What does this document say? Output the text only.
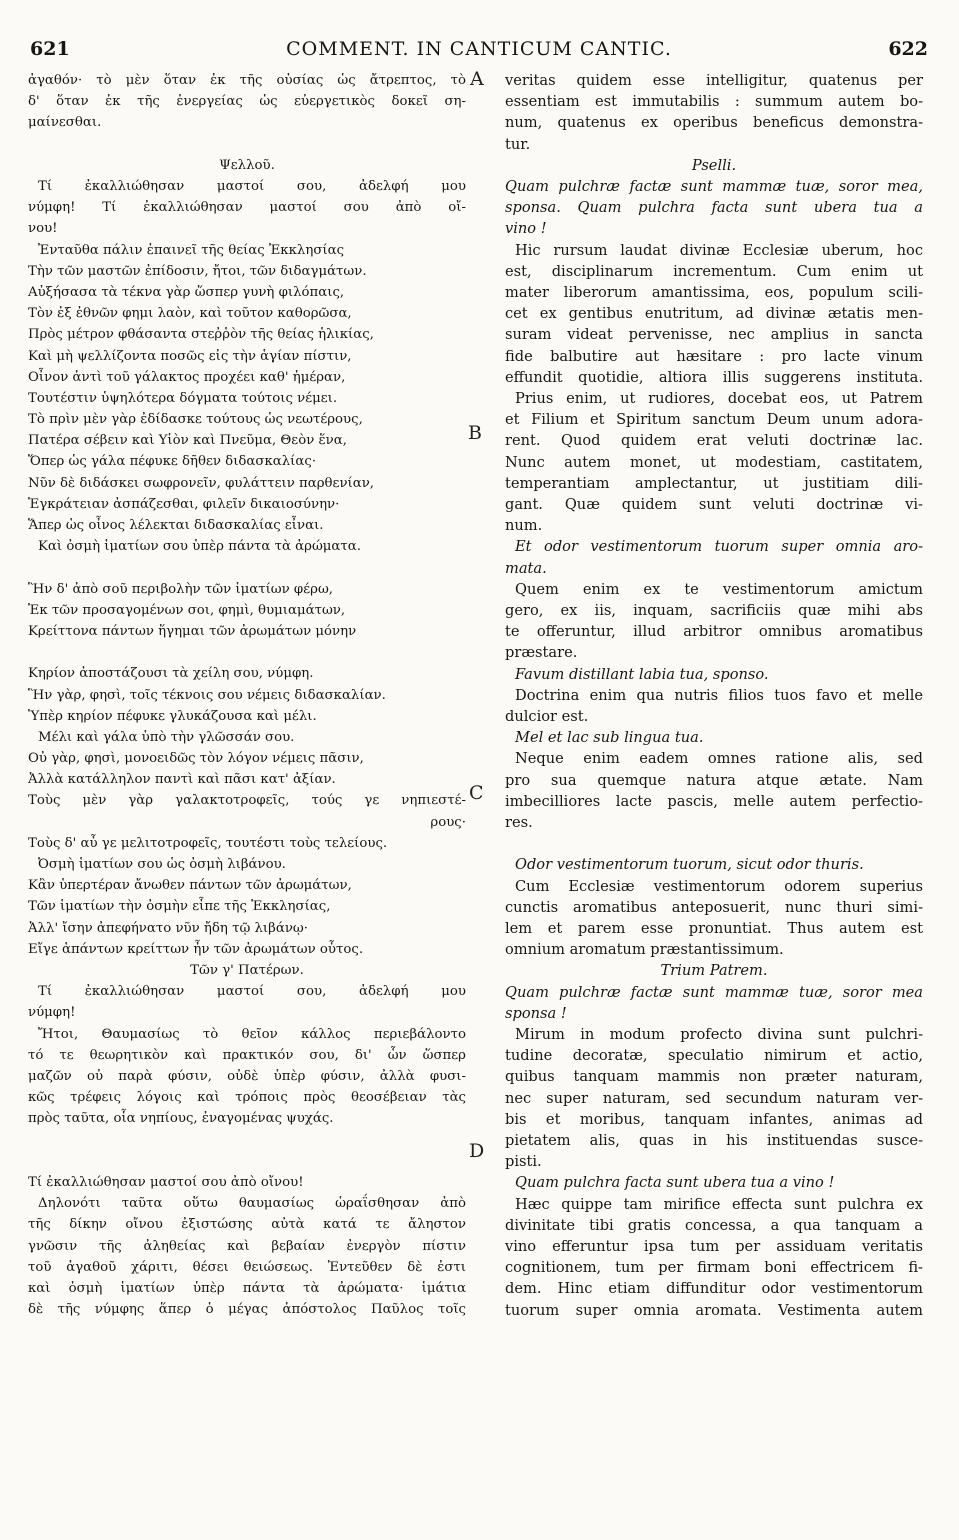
621	COMMENT. IN CANTICUM CANTIC.	622
ἀγαθόν· τὸ μὲν ὅταν ἐκ τῆς οὐσίας ὡς ἄτρεπτος, τὸ
δ' ὅταν ἐκ τῆς ἐνεργείας ὡς εὐεργετικὸς δοκεῖ ση-
μαίνεσθαι.
Ψελλοῦ.
Τί ἐκαλλιώθησαν μαστοί σου, ἀδελφή μου
νύμφη! Τί ἐκαλλιώθησαν μαστοί σου ἀπὸ οἴ-
νου!
Ἐνταῦθα πάλιν ἐπαινεῖ τῆς θείας Ἐκκλησίας
Τὴν τῶν μαστῶν ἐπίδοσιν, ἤτοι, τῶν διδαγμάτων.
Αὐξήσασα τὰ τέκνα γὰρ ὥσπερ γυνὴ φιλόπαις,
Τὸν ἐξ ἐθνῶν φημι λαὸν, καὶ τοῦτον καθορῶσα,
Πρὸς μέτρον φθάσαντα στεῤῥὸν τῆς θείας ἡλικίας,
Καὶ μὴ ψελλίζοντα ποσῶς εἰς τὴν ἁγίαν πίστιν,
Οἶνον ἀντὶ τοῦ γάλακτος προχέει καθ' ἡμέραν,
Τουτέστιν ὑψηλότερα δόγματα τούτοις νέμει.
Τὸ πρὶν μὲν γὰρ ἐδίδασκε τούτους ὡς νεωτέρους,
Πατέρα σέβειν καὶ Υἱὸν καὶ Πνεῦμα, Θεὸν ἕνα,
Ὅπερ ὡς γάλα πέφυκε δῆθεν διδασκαλίας·
Νῦν δὲ διδάσκει σωφρονεῖν, φυλάττειν παρθενίαν,
Ἐγκράτειαν ἀσπάζεσθαι, φιλεῖν δικαιοσύνην·
Ἅπερ ὡς οἶνος λέλεκται διδασκαλίας εἶναι.
Καὶ ὀσμὴ ἱματίων σου ὑπὲρ πάντα τὰ ἀρώματα.
Ἣν δ' ἀπὸ σοῦ περιβολὴν τῶν ἱματίων φέρω,
Ἐκ τῶν προσαγομένων σοι, φημὶ, θυμιαμάτων,
Κρείττονα πάντων ἥγημαι τῶν ἀρωμάτων μόνην
Κηρίον ἀποστάζουσι τὰ χείλη σου, νύμφη.
Ἣν γὰρ, φησὶ, τοῖς τέκνοις σου νέμεις διδασκαλίαν.
Ὑπὲρ κηρίον πέφυκε γλυκάζουσα καὶ μέλι.
Μέλι καὶ γάλα ὑπὸ τὴν γλῶσσάν σου.
Οὐ γὰρ, φησὶ, μονοειδῶς τὸν λόγον νέμεις πᾶσιν,
Ἀλλὰ κατάλληλον παντὶ καὶ πᾶσι κατ' ἀξίαν.
Τοὺς μὲν γὰρ γαλακτοτροφεῖς, τούς γε νηπιεστέ-
ρους·
Τοὺς δ' αὖ γε μελιτοτροφεῖς, τουτέστι τοὺς τελείους.
Ὀσμὴ ἱματίων σου ὡς ὀσμὴ λιβάνου.
Κἂν ὑπερτέραν ἄνωθεν πάντων τῶν ἀρωμάτων,
Τῶν ἱματίων τὴν ὀσμὴν εἶπε τῆς Ἐκκλησίας,
Ἀλλ' ἴσην ἀπεφήνατο νῦν ἤδη τῷ λιβάνῳ·
Εἴγε ἁπάντων κρείττων ἦν τῶν ἀρωμάτων οὗτος.
Τῶν γ' Πατέρων.
Τί ἐκαλλιώθησαν μαστοί σου, ἀδελφή μου
νύμφη!
Ἤτοι, Θαυμασίως τὸ θεῖον κάλλος περιεβάλοντο
τό τε θεωρητικὸν καὶ πρακτικόν σου, δι' ὧν ὥσπερ
μαζῶν οὐ παρὰ φύσιν, οὐδὲ ὑπὲρ φύσιν, ἀλλὰ φυσι-
κῶς τρέφεις λόγοις καὶ τρόποις πρὸς θεοσέβειαν τὰς
πρὸς ταῦτα, οἷα νηπίους, ἐναγομένας ψυχάς.
Τί ἐκαλλιώθησαν μαστοί σου ἀπὸ οἴνου!
Δηλονότι ταῦτα οὕτω θαυμασίως ὡραΐσθησαν ἀπὸ
τῆς δίκην οἴνου ἐξιστώσης αὐτὰ κατά τε ἄληστον
γνῶσιν τῆς ἀληθείας καὶ βεβαίαν ἐνεργὸν πίστιν
τοῦ ἀγαθοῦ χάριτι, θέσει θειώσεως. Ἐντεῦθεν δὲ ἐστι
καὶ ὀσμὴ ἱματίων ὑπὲρ πάντα τὰ ἀρώματα· ἱμάτια
δὲ τῆς νύμφης ἅπερ ὁ μέγας ἀπόστολος Παῦλος τοῖς
veritas quidem esse intelligitur, quatenus per
essentiam est immutabilis : summum autem bo-
num, quatenus ex operibus beneficus demonstra-
tur.
Pselli.
Quam pulchræ factæ sunt mammæ tuæ, soror mea,
sponsa. Quam pulchra facta sunt ubera tua a
vino !
Hic rursum laudat divinæ Ecclesiæ uberum, hoc
est, disciplinarum incrementum. Cum enim ut
mater liberorum amantissima, eos, populum scili-
cet ex gentibus enutritum, ad divinæ ætatis men-
suram videat pervenisse, nec amplius in sancta
fide balbutire aut hæsitare : pro lacte vinum
effundit quotidie, altiora illis suggerens instituta.
Prius enim, ut rudiores, docebat eos, ut Patrem
et Filium et Spiritum sanctum Deum unum adora-
rent. Quod quidem erat veluti doctrinæ lac.
Nunc autem monet, ut modestiam, castitatem,
temperantiam amplectantur, ut justitiam dili-
gant. Quæ quidem sunt veluti doctrinæ vi-
num.
Et odor vestimentorum tuorum super omnia aro-
mata.
Quem enim ex te vestimentorum amictum
gero, ex iis, inquam, sacrificiis quæ mihi abs
te offeruntur, illud arbitror omnibus aromatibus
præstare.
Favum distillant labia tua, sponso.
Doctrina enim qua nutris filios tuos favo et melle
dulcior est.
Mel et lac sub lingua tua.
Neque enim eadem omnes ratione alis, sed
pro sua quemque natura atque ætate. Nam
imbecilliores lacte pascis, melle autem perfectio-
res.
Odor vestimentorum tuorum, sicut odor thuris.
Cum Ecclesiæ vestimentorum odorem superius
cunctis aromatibus anteposuerit, nunc thuri simi-
lem et parem esse pronuntiat. Thus autem est
omnium aromatum præstantissimum.
Trium Patrem.
Quam pulchræ factæ sunt mammæ tuæ, soror mea
sponsa !
Mirum in modum profecto divina sunt pulchri-
tudine decoratæ, speculatio nimirum et actio,
quibus tanquam mammis non præter naturam,
nec super naturam, sed secundum naturam ver-
bis et moribus, tanquam infantes, animas ad
pietatem alis, quas in his instituendas susce-
pisti.
Quam pulchra facta sunt ubera tua a vino !
Hæc quippe tam mirifice effecta sunt pulchra ex
divinitate tibi gratis concessa, a qua tanquam a
vino efferuntur ipsa tum per assiduam veritatis
cognitionem, tum per firmam boni effectricem fi-
dem. Hinc etiam diffunditur odor vestimentorum
tuorum super omnia aromata. Vestimenta autem
A
B
C
D
